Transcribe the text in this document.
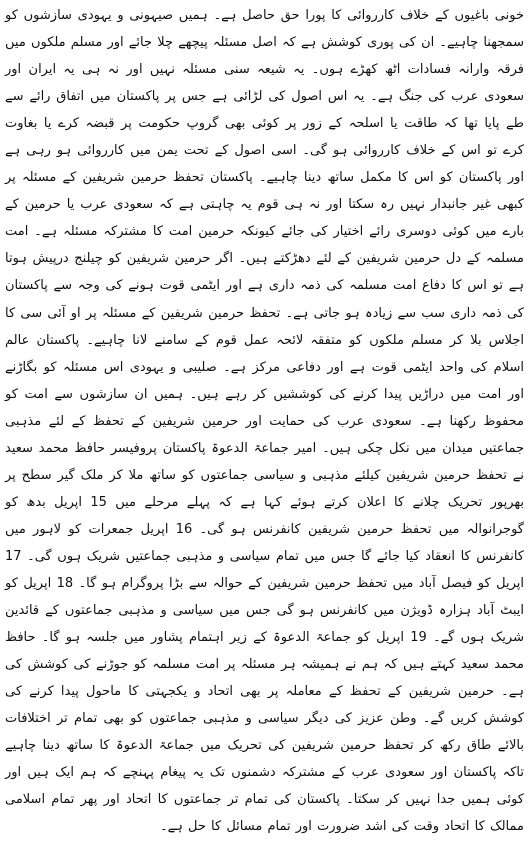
خونی باغیوں کے خلاف کارروائی کا پورا حق حاصل ہے۔ ہمیں صیہونی و یہودی سازشوں کو سمجھنا چاہیے۔ ان کی پوری کوشش ہے کہ اصل مسئلہ پیچھے چلا جائے اور مسلم ملکوں میں فرقہ وارانہ فسادات اٹھ کھڑے ہوں۔ یہ شیعہ سنی مسئلہ نہیں اور نہ ہی یہ ایران اور سعودی عرب کی جنگ ہے۔ یہ اس اصول کی لڑائی ہے جس پر پاکستان میں اتفاق رائے سے طے پایا تھا کہ طاقت یا اسلحہ کے زور پر کوئی بھی گروپ حکومت پر قبضہ کرے یا بغاوت کرے تو اس کے خلاف کارروائی ہو گی۔ اسی اصول کے تحت یمن میں کارروائی ہو رہی ہے اور پاکستان کو اس کا مکمل ساتھ دینا چاہیے۔ پاکستان تحفظ حرمین شریفین کے مسئلہ پر کبھی غیر جانبدار نہیں رہ سکتا اور نہ ہی قوم یہ چاہتی ہے کہ سعودی عرب یا حرمین کے بارے میں کوئی دوسری رائے اختیار کی جائے کیونکہ حرمین امت کا مشترکہ مسئلہ ہے۔ امت مسلمہ کے دل حرمین شریفین کے لئے دھڑکتے ہیں۔ اگر حرمین شریفین کو چیلنج درپیش ہوتا ہے تو اس کا دفاع امت مسلمہ کی ذمہ داری ہے اور ایٹمی قوت ہونے کی وجہ سے پاکستان کی ذمہ داری سب سے زیادہ ہو جاتی ہے۔ تحفظ حرمین شریفین کے مسئلہ پر او آئی سی کا اجلاس بلا کر مسلم ملکوں کو متفقہ لائحہ عمل قوم کے سامنے لانا چاہیے۔ پاکستان عالم اسلام کی واحد ایٹمی قوت ہے اور دفاعی مرکز ہے۔ صلیبی و یہودی اس مسئلہ کو بگاڑنے اور امت میں دراڑیں پیدا کرنے کی کوششیں کر رہے ہیں۔ ہمیں ان سازشوں سے امت کو محفوظ رکھنا ہے۔ سعودی عرب کی حمایت اور حرمین شریفین کے تحفظ کے لئے مذہبی جماعتیں میدان میں نکل چکی ہیں۔ امیر جماعۃ الدعوۃ پاکستان پروفیسر حافظ محمد سعید نے تحفظ حرمین شریفین کیلئے مذہبی و سیاسی جماعتوں کو ساتھ ملا کر ملک گیر سطح پر بھرپور تحریک چلانے کا اعلان کرتے ہوئے کہا ہے کہ پہلے مرحلے میں 15 اپریل بدھ کو گوجرانوالہ میں تحفظ حرمین شریفین کانفرنس ہو گی۔ 16 اپریل جمعرات کو لاہور میں کانفرنس کا انعقاد کیا جائے گا جس میں تمام سیاسی و مذہبی جماعتیں شریک ہوں گی۔ 17 اپریل کو فیصل آباد میں تحفظ حرمین شریفین کے حوالہ سے بڑا پروگرام ہو گا۔ 18 اپریل کو ایبٹ آباد ہزارہ ڈویژن میں کانفرنس ہو گی جس میں سیاسی و مذہبی جماعتوں کے قائدین شریک ہوں گے۔ 19 اپریل کو جماعۃ الدعوۃ کے زیر اہتمام پشاور میں جلسہ ہو گا۔ حافظ محمد سعید کہتے ہیں کہ ہم نے ہمیشہ ہر مسئلہ پر امت مسلمہ کو جوڑنے کی کوشش کی ہے۔ حرمین شریفین کے تحفظ کے معاملہ پر بھی اتحاد و یکجہتی کا ماحول پیدا کرنے کی کوشش کریں گے۔ وطن عزیز کی دیگر سیاسی و مذہبی جماعتوں کو بھی تمام تر اختلافات بالائے طاق رکھ کر تحفظ حرمین شریفین کی تحریک میں جماعۃ الدعوۃ کا ساتھ دینا چاہیے تاکہ پاکستان اور سعودی عرب کے مشترکہ دشمنوں تک یہ پیغام پہنچے کہ ہم ایک ہیں اور کوئی ہمیں جدا نہیں کر سکتا۔ پاکستان کی تمام تر جماعتوں کا اتحاد اور پھر تمام اسلامی ممالک کا اتحاد وقت کی اشد ضرورت اور تمام مسائل کا حل ہے۔
